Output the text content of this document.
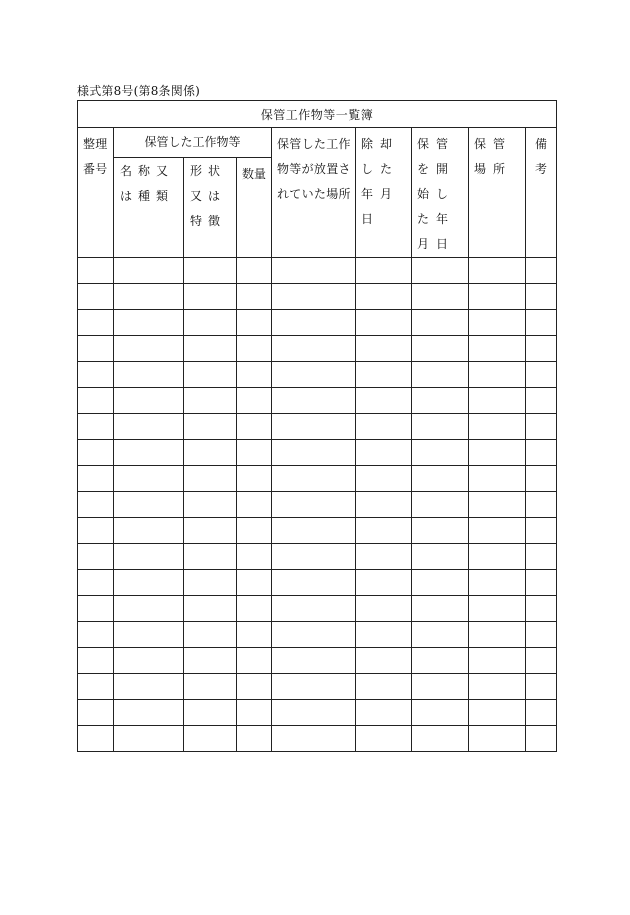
様式第8号(第8条関係)
保管工作物等一覧簿								
整理番号	保管した工作物等			保管した工作物等が放置されていた場所	除却した年月日	保管を開始した年月日	保管場所	備考
	名称又は種類	形状又は特徴	数量					
